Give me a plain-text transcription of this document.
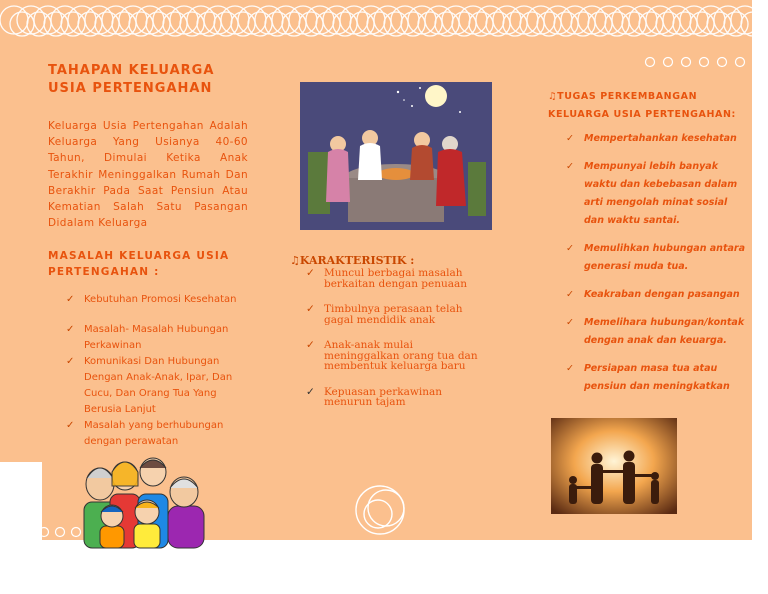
TAHAPAN KELUARGA USIA PERTENGAHAN

Keluarga Usia Pertengahan Adalah Keluarga Yang Usianya 40-60 Tahun, Dimulai Ketika Anak Terakhir Meninggalkan Rumah Dan Berakhir Pada Saat Pensiun Atau Kematian Salah Satu Pasangan Didalam Keluarga

MASALAH KELUARGA USIA PERTENGAHAN :
✓ Kebutuhan Promosi Kesehatan
✓ Masalah- Masalah Hubungan Perkawinan
✓ Komunikasi Dan Hubungan Dengan Anak-Anak, Ipar, Dan Cucu, Dan Orang Tua Yang Berusia Lanjut
✓ Masalah yang berhubungan dengan perawatan
♫KARAKTERISTIK :
✓ Muncul berbagai masalah berkaitan dengan penuaan
✓ Timbulnya perasaan telah gagal mendidik anak
✓ Anak-anak mulai meninggalkan orang tua dan membentuk keluarga baru
✓ Kepuasan perkawinan menurun tajam
♫TUGAS PERKEMBANGAN KELUARGA USIA PERTENGAHAN:
✓ Mempertahankan kesehatan
✓ Mempunyai lebih banyak waktu dan kebebasan dalam arti mengolah minat sosial dan waktu santai.
✓ Memulihkan hubungan antara generasi muda tua.
✓ Keakraban dengan pasangan
✓ Memelihara hubungan/kontak dengan anak dan keuarga.
✓ Persiapan masa tua atau pensiun dan meningkatkan
